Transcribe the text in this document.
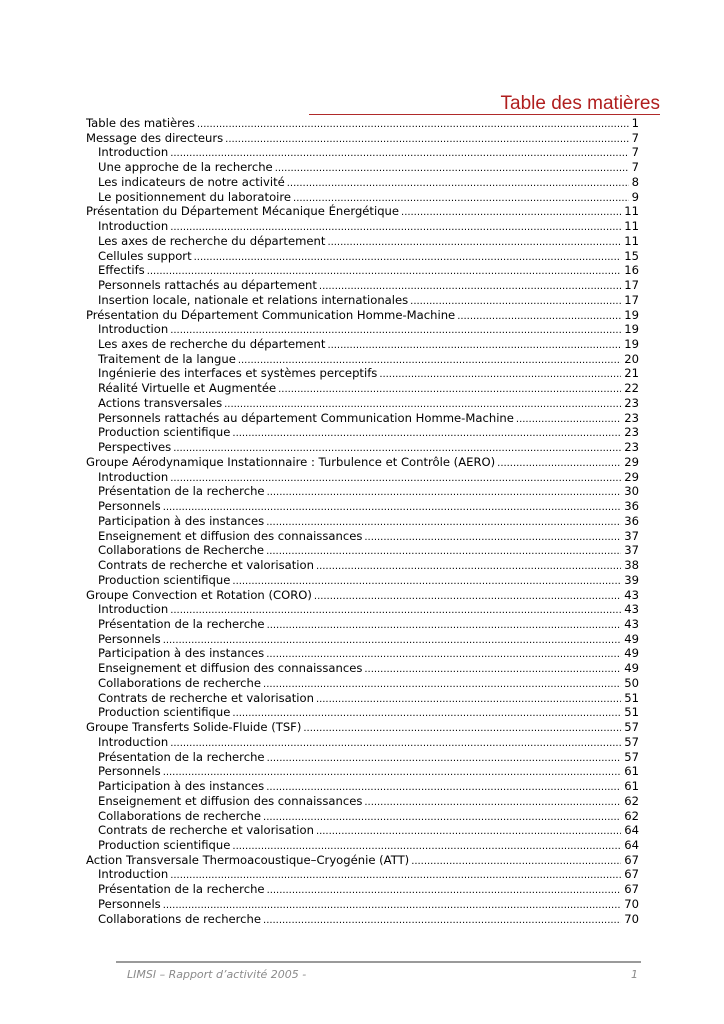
Table des matières
Table des matières . . .	1
Message des directeurs . . .	7
Introduction . . .	7
Une approche de la recherche . . .	7
Les indicateurs de notre activité . . .	8
Le positionnement du laboratoire . . .	9
Présentation du Département Mécanique Énergétique . . .	11
Introduction . . .	11
Les axes de recherche du département . . .	11
Cellules support . . .	15
Effectifs . . .	16
Personnels rattachés au département . . .	17
Insertion locale, nationale et relations internationales . . .	17
Présentation du Département Communication Homme-Machine . . .	19
Introduction . . .	19
Les axes de recherche du département . . .	19
Traitement de la langue . . .	20
Ingénierie des interfaces et systèmes perceptifs . . .	21
Réalité Virtuelle et Augmentée . . .	22
Actions transversales . . .	23
Personnels rattachés au département Communication Homme-Machine . . .	23
Production scientifique . . .	23
Perspectives . . .	23
Groupe Aérodynamique Instationnaire : Turbulence et Contrôle (AERO) . . .	29
Introduction . . .	29
Présentation de la recherche . . .	30
Personnels . . .	36
Participation à des instances . . .	36
Enseignement et diffusion des connaissances . . .	37
Collaborations de Recherche . . .	37
Contrats de recherche et valorisation . . .	38
Production scientifique . . .	39
Groupe Convection et Rotation (CORO) . . .	43
Introduction . . .	43
Présentation de la recherche . . .	43
Personnels . . .	49
Participation à des instances . . .	49
Enseignement et diffusion des connaissances . . .	49
Collaborations de recherche . . .	50
Contrats de recherche et valorisation . . .	51
Production scientifique . . .	51
Groupe Transferts Solide-Fluide (TSF) . . .	57
Introduction . . .	57
Présentation de la recherche . . .	57
Personnels . . .	61
Participation à des instances . . .	61
Enseignement et diffusion des connaissances . . .	62
Collaborations de recherche . . .	62
Contrats de recherche et valorisation . . .	64
Production scientifique . . .	64
Action Transversale Thermoacoustique–Cryogénie (ATT) . . .	67
Introduction . . .	67
Présentation de la recherche . . .	67
Personnels . . .	70
Collaborations de recherche . . .	70
LIMSI – Rapport d’activité 2005 -	1
